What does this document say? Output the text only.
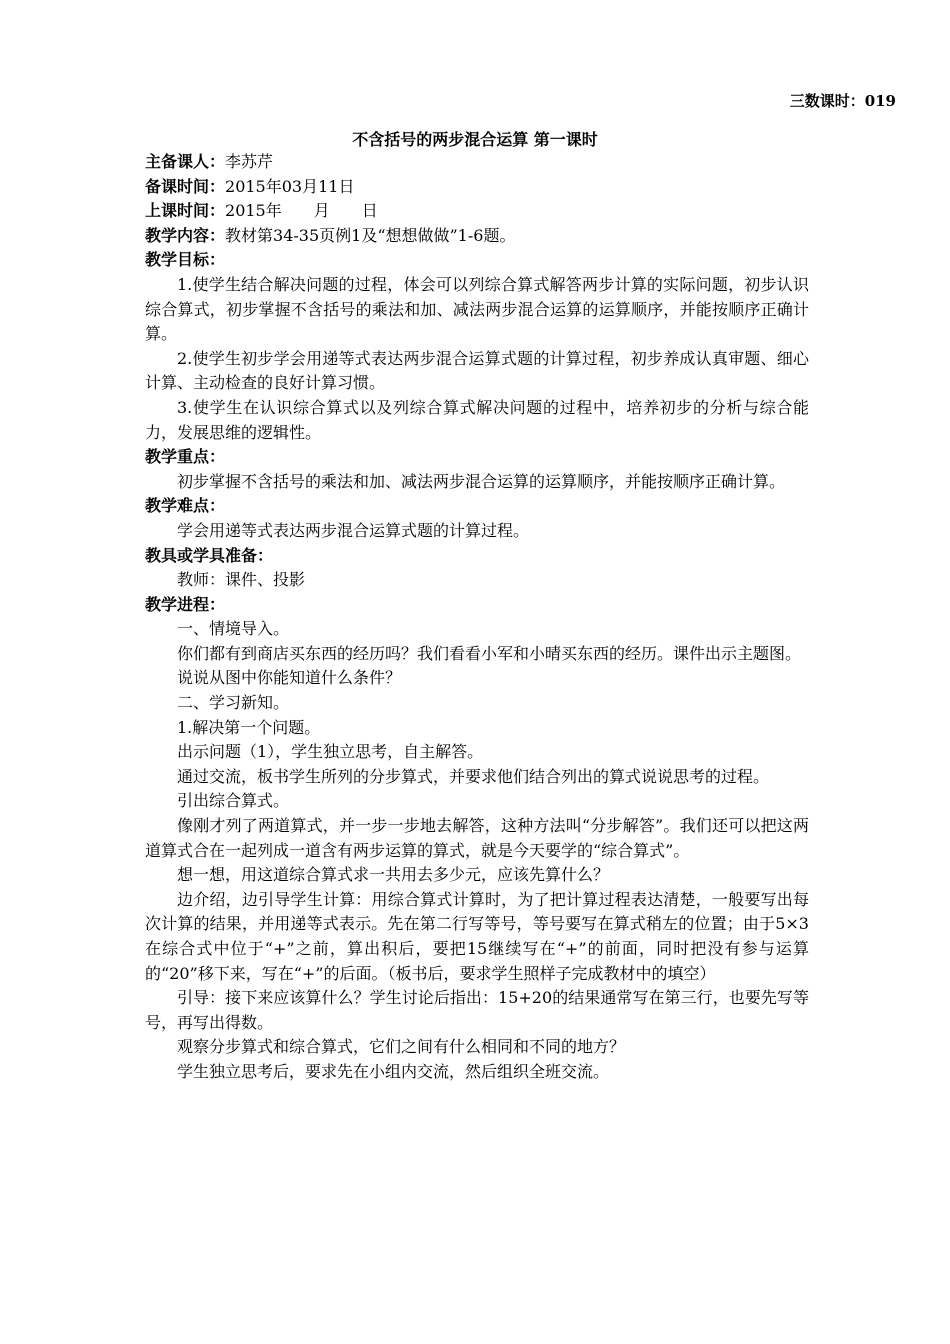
三数课时：019
不含括号的两步混合运算 第一课时

主备课人：李苏芹

备课时间：2015年03月11日

上课时间：2015年　　月　　日

教学内容：教材第34-35页例1及“想想做做”1-6题。

教学目标：

1.使学生结合解决问题的过程，体会可以列综合算式解答两步计算的实际问题，初步认识综合算式，初步掌握不含括号的乘法和加、减法两步混合运算的运算顺序，并能按顺序正确计算。

2.使学生初步学会用递等式表达两步混合运算式题的计算过程，初步养成认真审题、细心计算、主动检查的良好计算习惯。

3.使学生在认识综合算式以及列综合算式解决问题的过程中，培养初步的分析与综合能力，发展思维的逻辑性。

教学重点：

初步掌握不含括号的乘法和加、减法两步混合运算的运算顺序，并能按顺序正确计算。

教学难点：

学会用递等式表达两步混合运算式题的计算过程。

教具或学具准备：

教师：课件、投影

教学进程：

一、情境导入。

你们都有到商店买东西的经历吗？我们看看小军和小晴买东西的经历。课件出示主题图。

说说从图中你能知道什么条件？

二、学习新知。

1.解决第一个问题。

出示问题（1），学生独立思考，自主解答。

通过交流，板书学生所列的分步算式，并要求他们结合列出的算式说说思考的过程。

引出综合算式。

像刚才列了两道算式，并一步一步地去解答，这种方法叫“分步解答”。我们还可以把这两道算式合在一起列成一道含有两步运算的算式，就是今天要学的“综合算式”。

想一想，用这道综合算式求一共用去多少元，应该先算什么？

边介绍，边引导学生计算：用综合算式计算时，为了把计算过程表达清楚，一般要写出每次计算的结果，并用递等式表示。先在第二行写等号，等号要写在算式稍左的位置；由于5×3在综合式中位于“+”之前，算出积后，要把15继续写在“+”的前面，同时把没有参与运算的“20”移下来，写在“+”的后面。（板书后，要求学生照样子完成教材中的填空）

引导：接下来应该算什么？学生讨论后指出：15+20的结果通常写在第三行，也要先写等号，再写出得数。

观察分步算式和综合算式，它们之间有什么相同和不同的地方？

学生独立思考后，要求先在小组内交流，然后组织全班交流。
